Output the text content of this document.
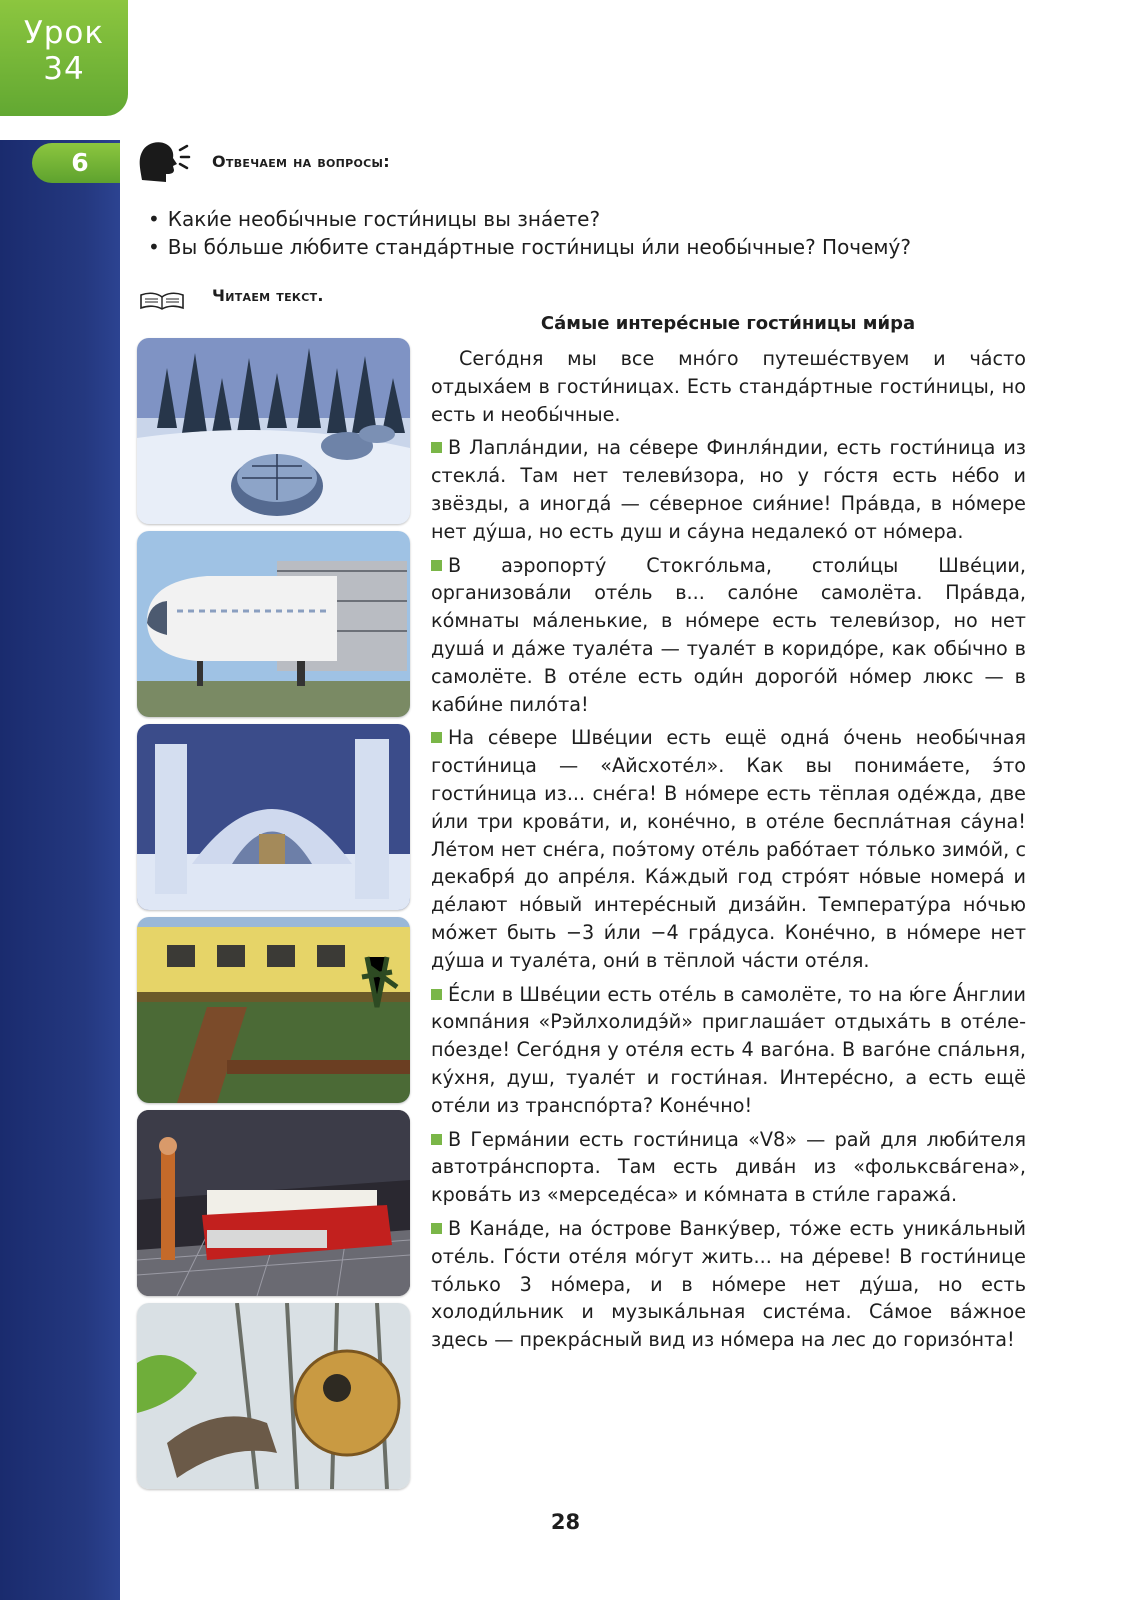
Урок
34
6	Отвечаем на вопросы:
• Каки́е необы́чные гости́ницы вы зна́ете?
• Вы бо́льше лю́бите станда́ртные гости́ницы и́ли необы́чные? Почему́?
Читаем текст.
Са́мые интере́сные гости́ницы ми́ра

Сего́дня мы все мно́го путеше́ствуем и ча́сто отдыха́ем в гости́ницах. Есть станда́ртные гости́ницы, но есть и необы́чные.

В Лапла́ндии, на се́вере Финля́ндии, есть гости́ница из стекла́. Там нет телеви́зора, но у го́стя есть не́бо и звёзды, а иногда́ — се́верное сия́ние! Пра́вда, в но́мере нет ду́ша, но есть душ и са́уна недалеко́ от но́мера.

В аэропорту́ Стокго́льма, столи́цы Шве́ции, организова́ли оте́ль в... сало́не самолёта. Пра́вда, ко́мнаты ма́ленькие, в но́мере есть телеви́зор, но нет душа́ и да́же туале́та — туале́т в коридо́ре, как обы́чно в самолёте. В оте́ле есть оди́н дорого́й но́мер люкс — в каби́не пило́та!

На се́вере Шве́ции есть ещё одна́ о́чень необы́чная гости́ница — «Айсхоте́л». Как вы понима́ете, э́то гости́ница из... сне́га! В но́мере есть тёплая оде́жда, две и́ли три крова́ти, и, коне́чно, в оте́ле беспла́тная са́уна! Ле́том нет сне́га, поэ́тому оте́ль рабо́тает то́лько зимо́й, с декабря́ до апре́ля. Ка́ждый год стро́ят но́вые номера́ и де́лают но́вый интере́сный диза́йн. Температу́ра но́чью мо́жет быть −3 и́ли −4 гра́дуса. Коне́чно, в но́мере нет ду́ша и туале́та, они́ в тёплой ча́сти оте́ля.

Е́сли в Шве́ции есть оте́ль в самолёте, то на ю́ге А́нглии компа́ния «Рэйлхолидэ́й» приглаша́ет отдыха́ть в оте́ле-по́езде! Сего́дня у оте́ля есть 4 ваго́на. В ваго́не спа́льня, ку́хня, душ, туале́т и гости́ная. Интере́сно, а есть ещё оте́ли из транспо́рта? Коне́чно!

В Герма́нии есть гости́ница «V8» — рай для люби́теля автотра́нспорта. Там есть дива́н из «фольксва́гена», крова́ть из «мерседе́са» и ко́мната в сти́ле гаража́.

В Кана́де, на о́строве Ванку́вер, то́же есть уника́льный оте́ль. Го́сти оте́ля мо́гут жить... на де́реве! В гости́нице то́лько 3 но́мера, и в но́мере нет ду́ша, но есть холоди́льник и музыка́льная систе́ма. Са́мое ва́жное здесь — прекра́сный вид из но́мера на лес до горизо́нта!

28
